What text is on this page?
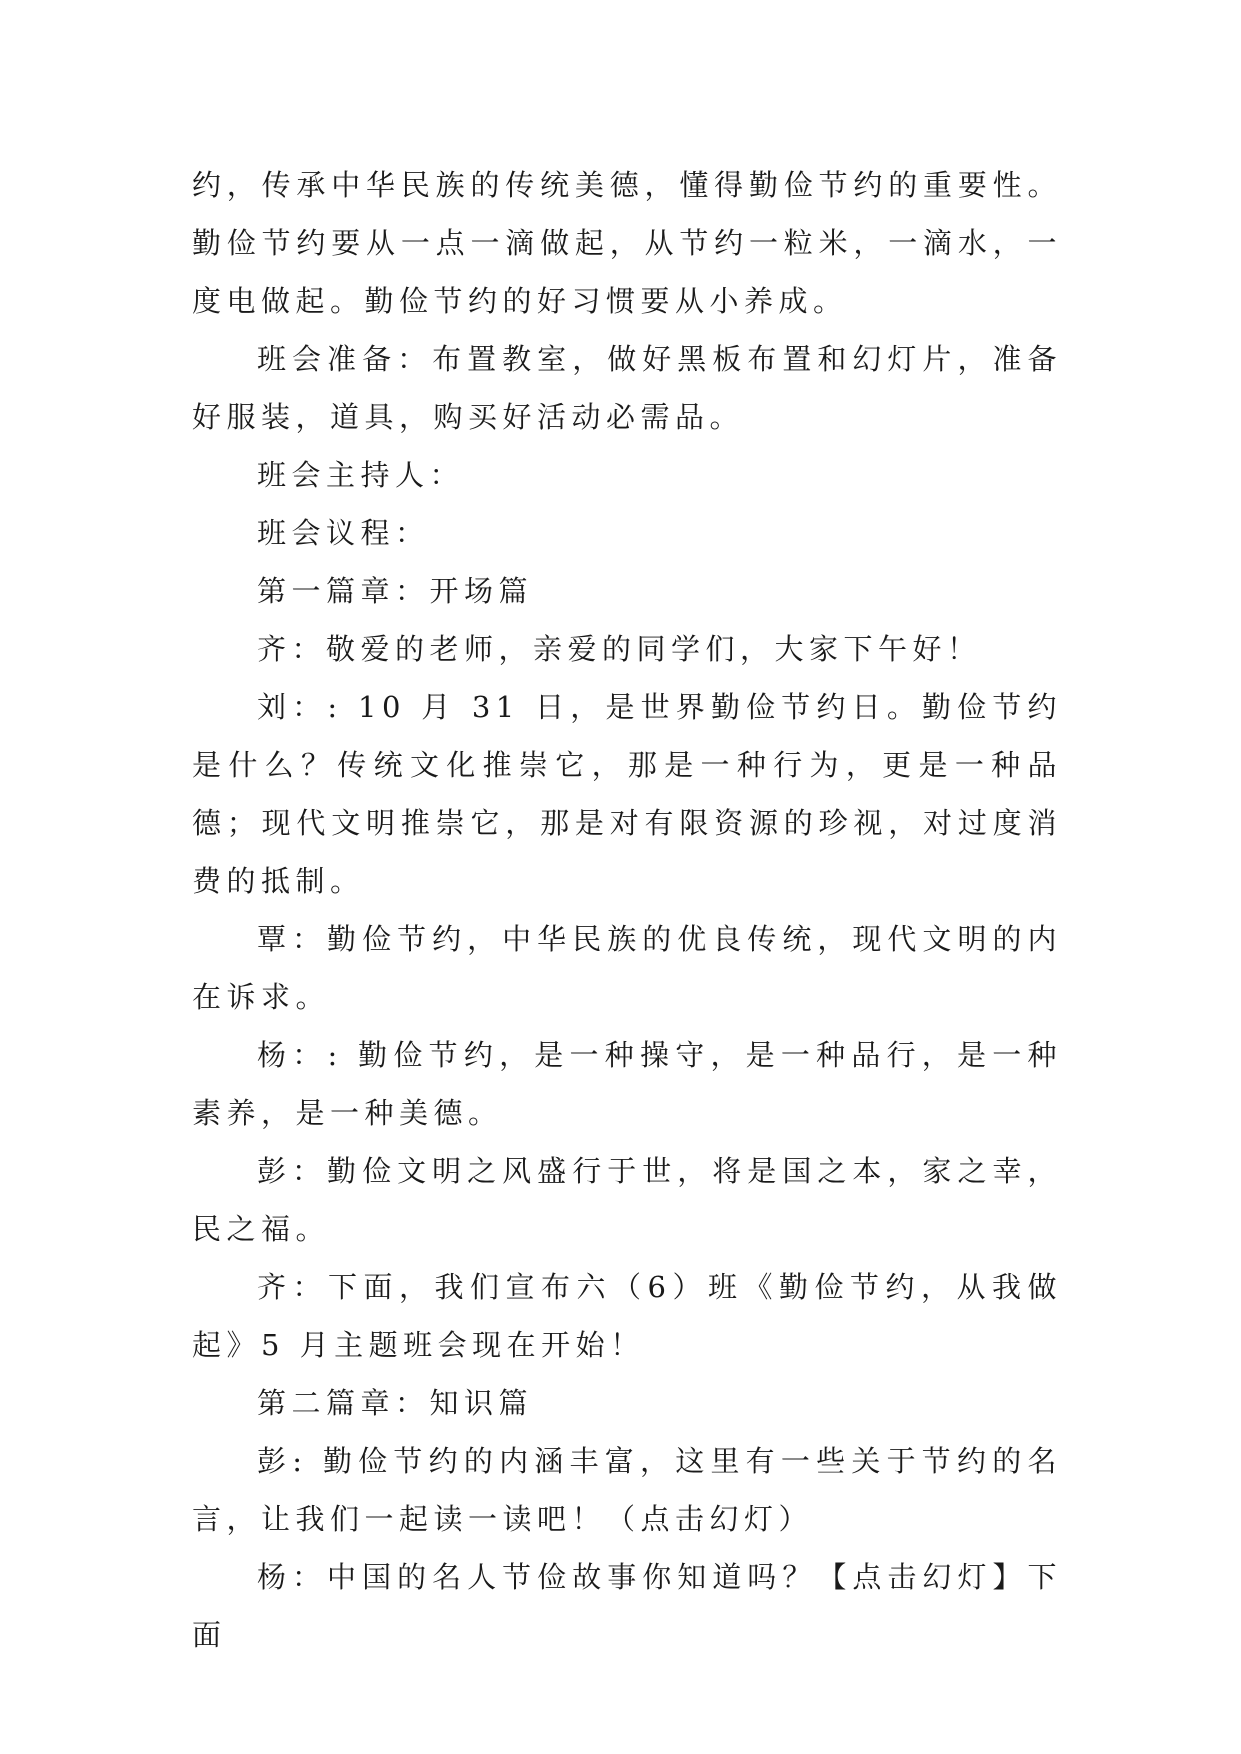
约，传承中华民族的传统美德，懂得勤俭节约的重要性。勤俭节约要从一点一滴做起，从节约一粒米，一滴水，一度电做起。勤俭节约的好习惯要从小养成。

班会准备：布置教室，做好黑板布置和幻灯片，准备好服装，道具，购买好活动必需品。

班会主持人：

班会议程：

第一篇章：开场篇

齐：敬爱的老师，亲爱的同学们，大家下午好！

刘：: 10 月 31 日，是世界勤俭节约日。勤俭节约是什么？传统文化推崇它，那是一种行为，更是一种品德；现代文明推崇它，那是对有限资源的珍视，对过度消费的抵制。

覃：勤俭节约，中华民族的优良传统，现代文明的内在诉求。

杨：: 勤俭节约，是一种操守，是一种品行，是一种素养，是一种美德。

彭：勤俭文明之风盛行于世，将是国之本，家之幸，民之福。

齐：下面，我们宣布六（6）班《勤俭节约，从我做起》5 月主题班会现在开始！

第二篇章：知识篇

彭: 勤俭节约的内涵丰富，这里有一些关于节约的名言，让我们一起读一读吧！（点击幻灯）

杨：中国的名人节俭故事你知道吗？【点击幻灯】下面
